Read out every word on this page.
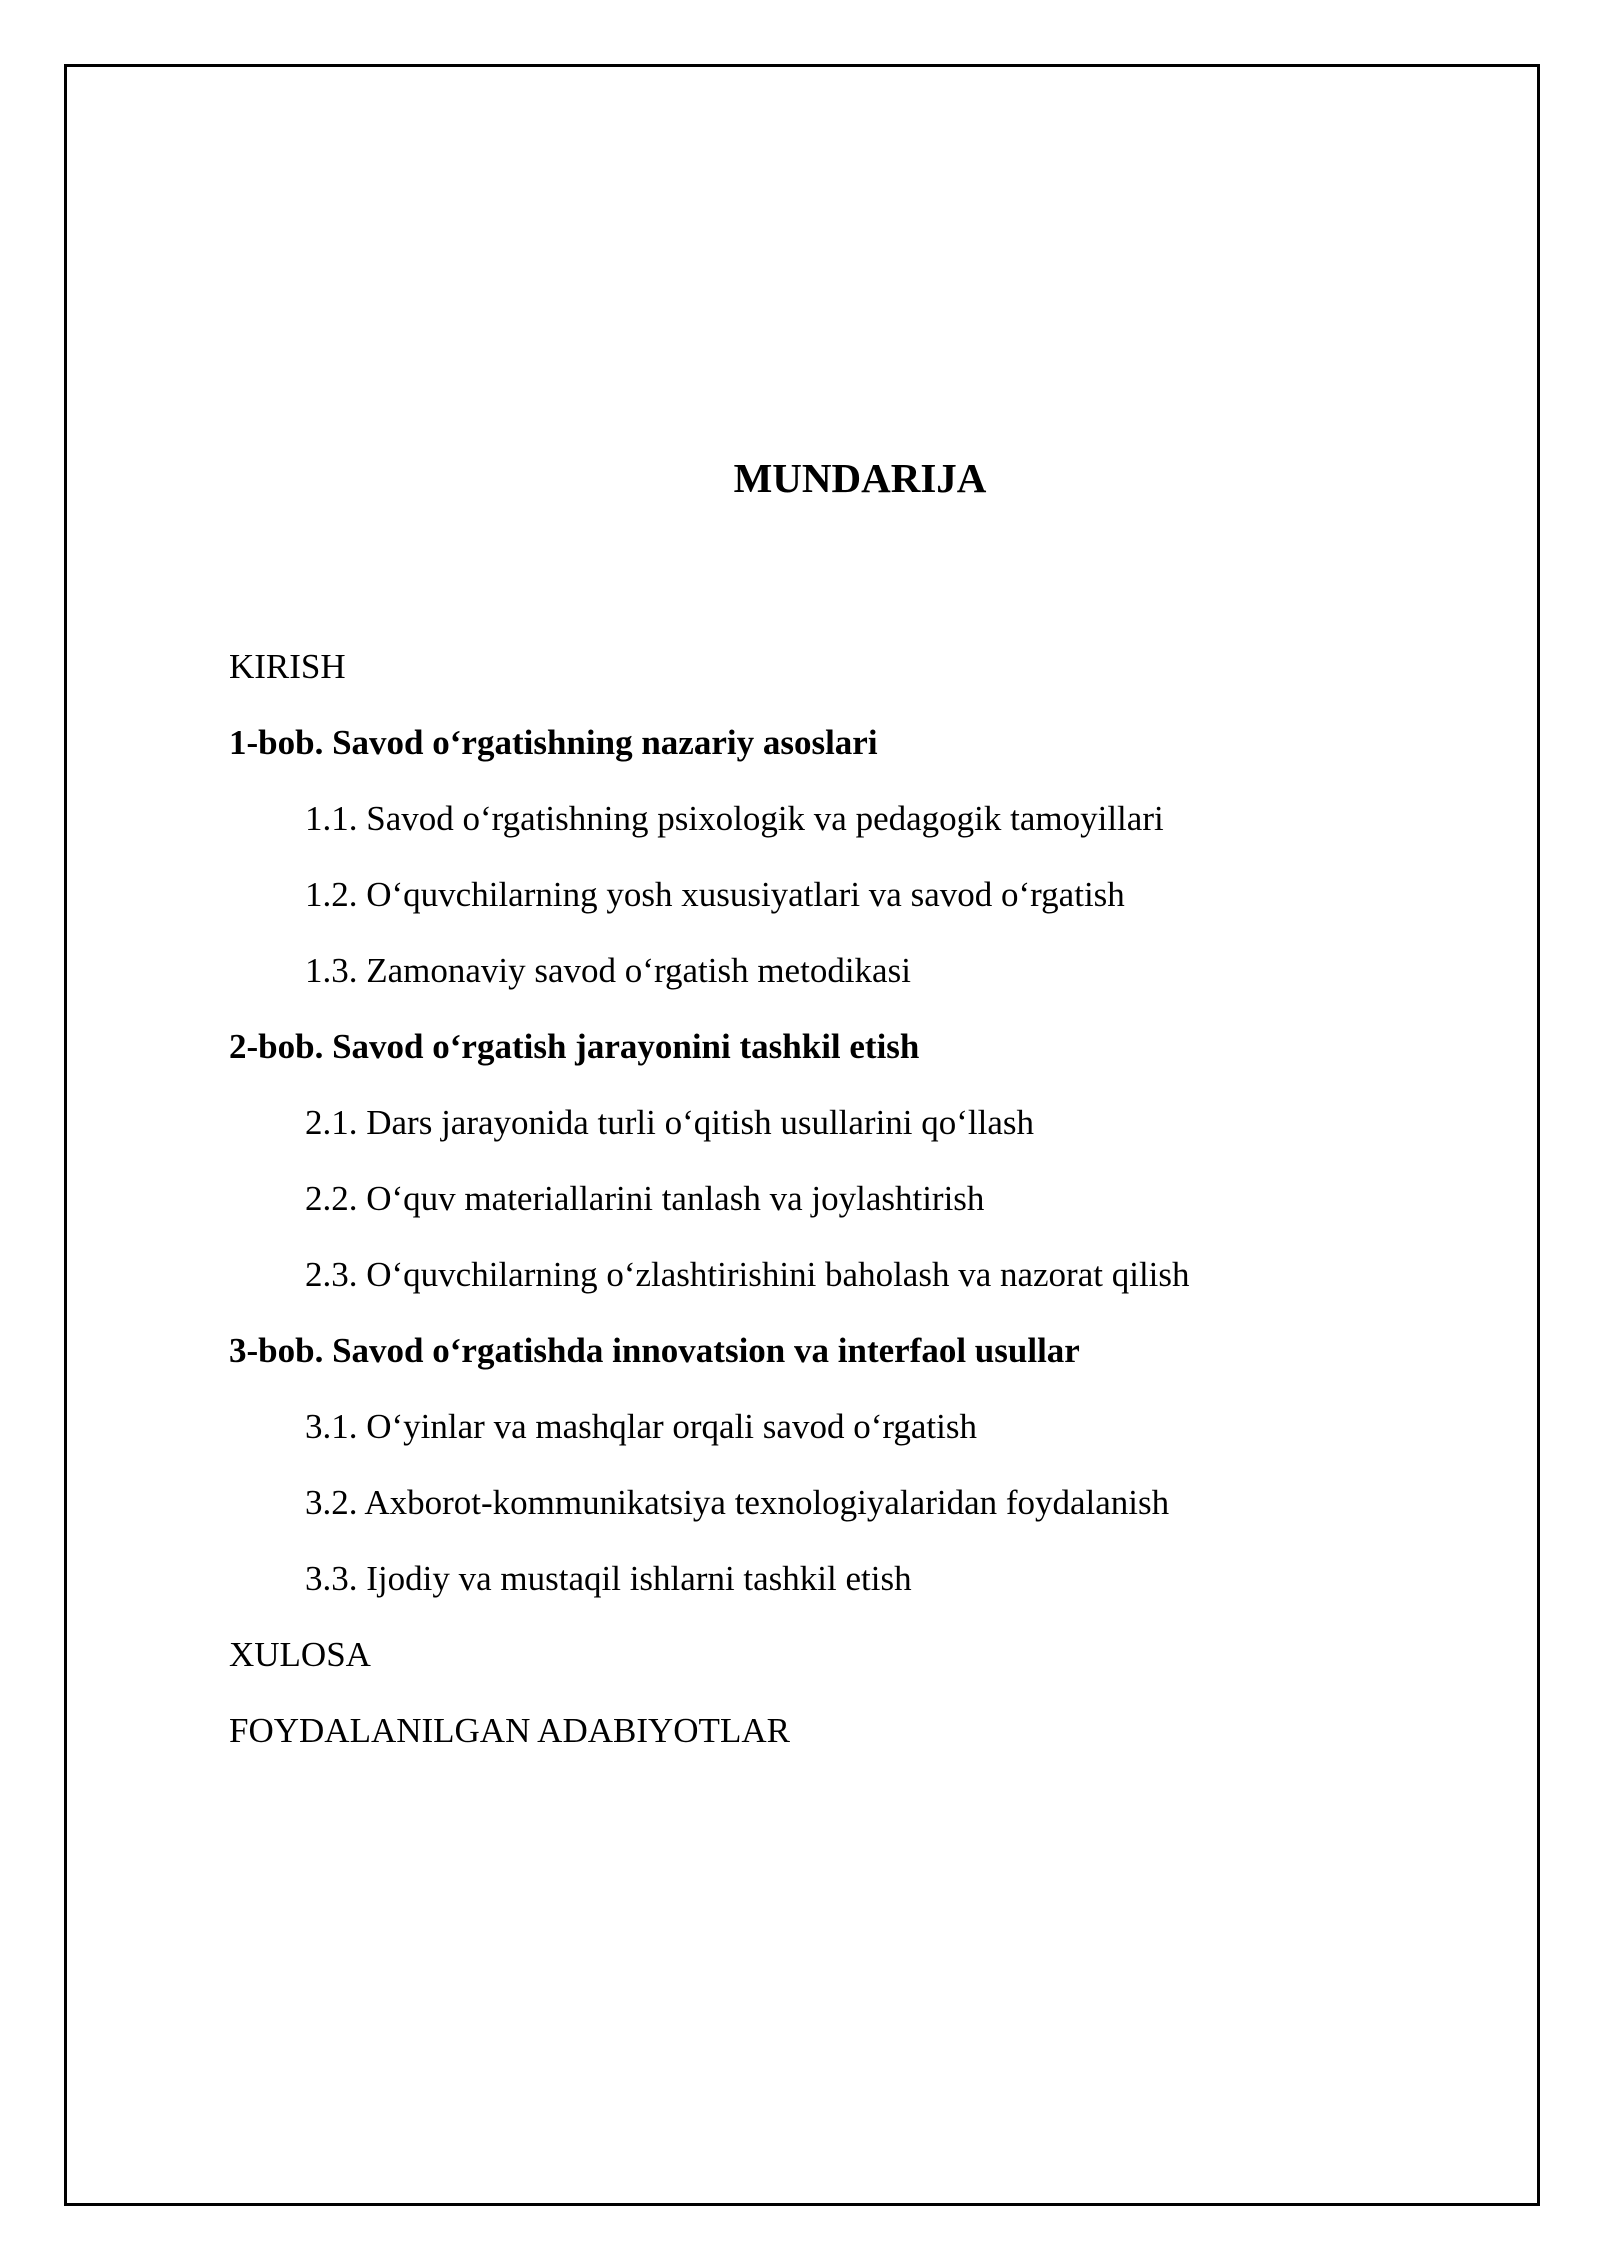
MUNDARIJA
KIRISH
1-bob. Savod o‘rgatishning nazariy asoslari
1.1. Savod o‘rgatishning psixologik va pedagogik tamoyillari
1.2. O‘quvchilarning yosh xususiyatlari va savod o‘rgatish
1.3. Zamonaviy savod o‘rgatish metodikasi
2-bob. Savod o‘rgatish jarayonini tashkil etish
2.1. Dars jarayonida turli o‘qitish usullarini qo‘llash
2.2. O‘quv materiallarini tanlash va joylashtirish
2.3. O‘quvchilarning o‘zlashtirishini baholash va nazorat qilish
3-bob. Savod o‘rgatishda innovatsion va interfaol usullar
3.1. O‘yinlar va mashqlar orqali savod o‘rgatish
3.2. Axborot-kommunikatsiya texnologiyalaridan foydalanish
3.3. Ijodiy va mustaqil ishlarni tashkil etish
XULOSA
FOYDALANILGAN ADABIYOTLAR
